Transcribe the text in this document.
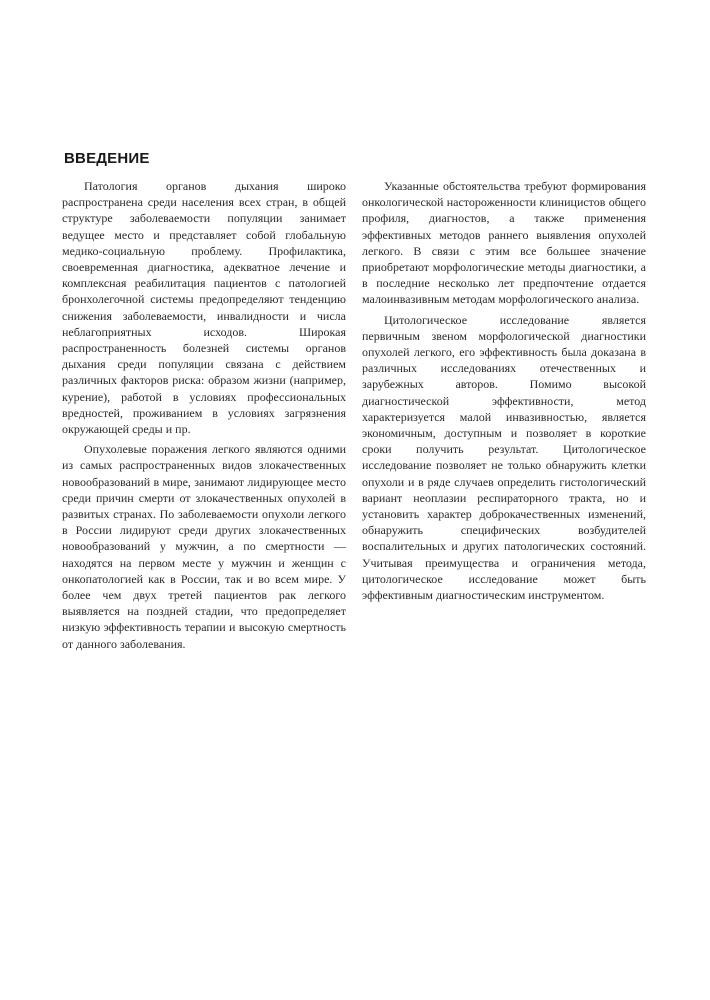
ВВЕДЕНИЕ

Патология органов дыхания широко распространена среди населения всех стран, в общей структуре заболеваемости популяции занимает ведущее место и представляет собой глобальную медико-социальную проблему. Профилактика, своевременная диагностика, адекватное лечение и комплексная реабилитация пациентов с патологией бронхолегочной системы предопределяют тенденцию снижения заболеваемости, инвалидности и числа неблагоприятных исходов. Широкая распространенность болезней системы органов дыхания среди популяции связана с действием различных факторов риска: образом жизни (например, курение), работой в условиях профессиональных вредностей, проживанием в условиях загрязнения окружающей среды и пр.

Опухолевые поражения легкого являются одними из самых распространенных видов злокачественных новообразований в мире, занимают лидирующее место среди причин смерти от злокачественных опухолей в развитых странах. По заболеваемости опухоли легкого в России лидируют среди других злокачественных новообразований у мужчин, а по смертности — находятся на первом месте у мужчин и женщин с онкопатологией как в России, так и во всем мире. У более чем двух третей пациентов рак легкого выявляется на поздней стадии, что предопределяет низкую эффективность терапии и высокую смертность от данного заболевания.

Указанные обстоятельства требуют формирования онкологической настороженности клиницистов общего профиля, диагностов, а также применения эффективных методов раннего выявления опухолей легкого. В связи с этим все большее значение приобретают морфологические методы диагностики, а в последние несколько лет предпочтение отдается малоинвазивным методам морфологического анализа.

Цитологическое исследование является первичным звеном морфологической диагностики опухолей легкого, его эффективность была доказана в различных исследованиях отечественных и зарубежных авторов. Помимо высокой диагностической эффективности, метод характеризуется малой инвазивностью, является экономичным, доступным и позволяет в короткие сроки получить результат. Цитологическое исследование позволяет не только обнаружить клетки опухоли и в ряде случаев определить гистологический вариант неоплазии респираторного тракта, но и установить характер доброкачественных изменений, обнаружить специфических возбудителей воспалительных и других патологических состояний. Учитывая преимущества и ограничения метода, цитологическое исследование может быть эффективным диагностическим инструментом.
